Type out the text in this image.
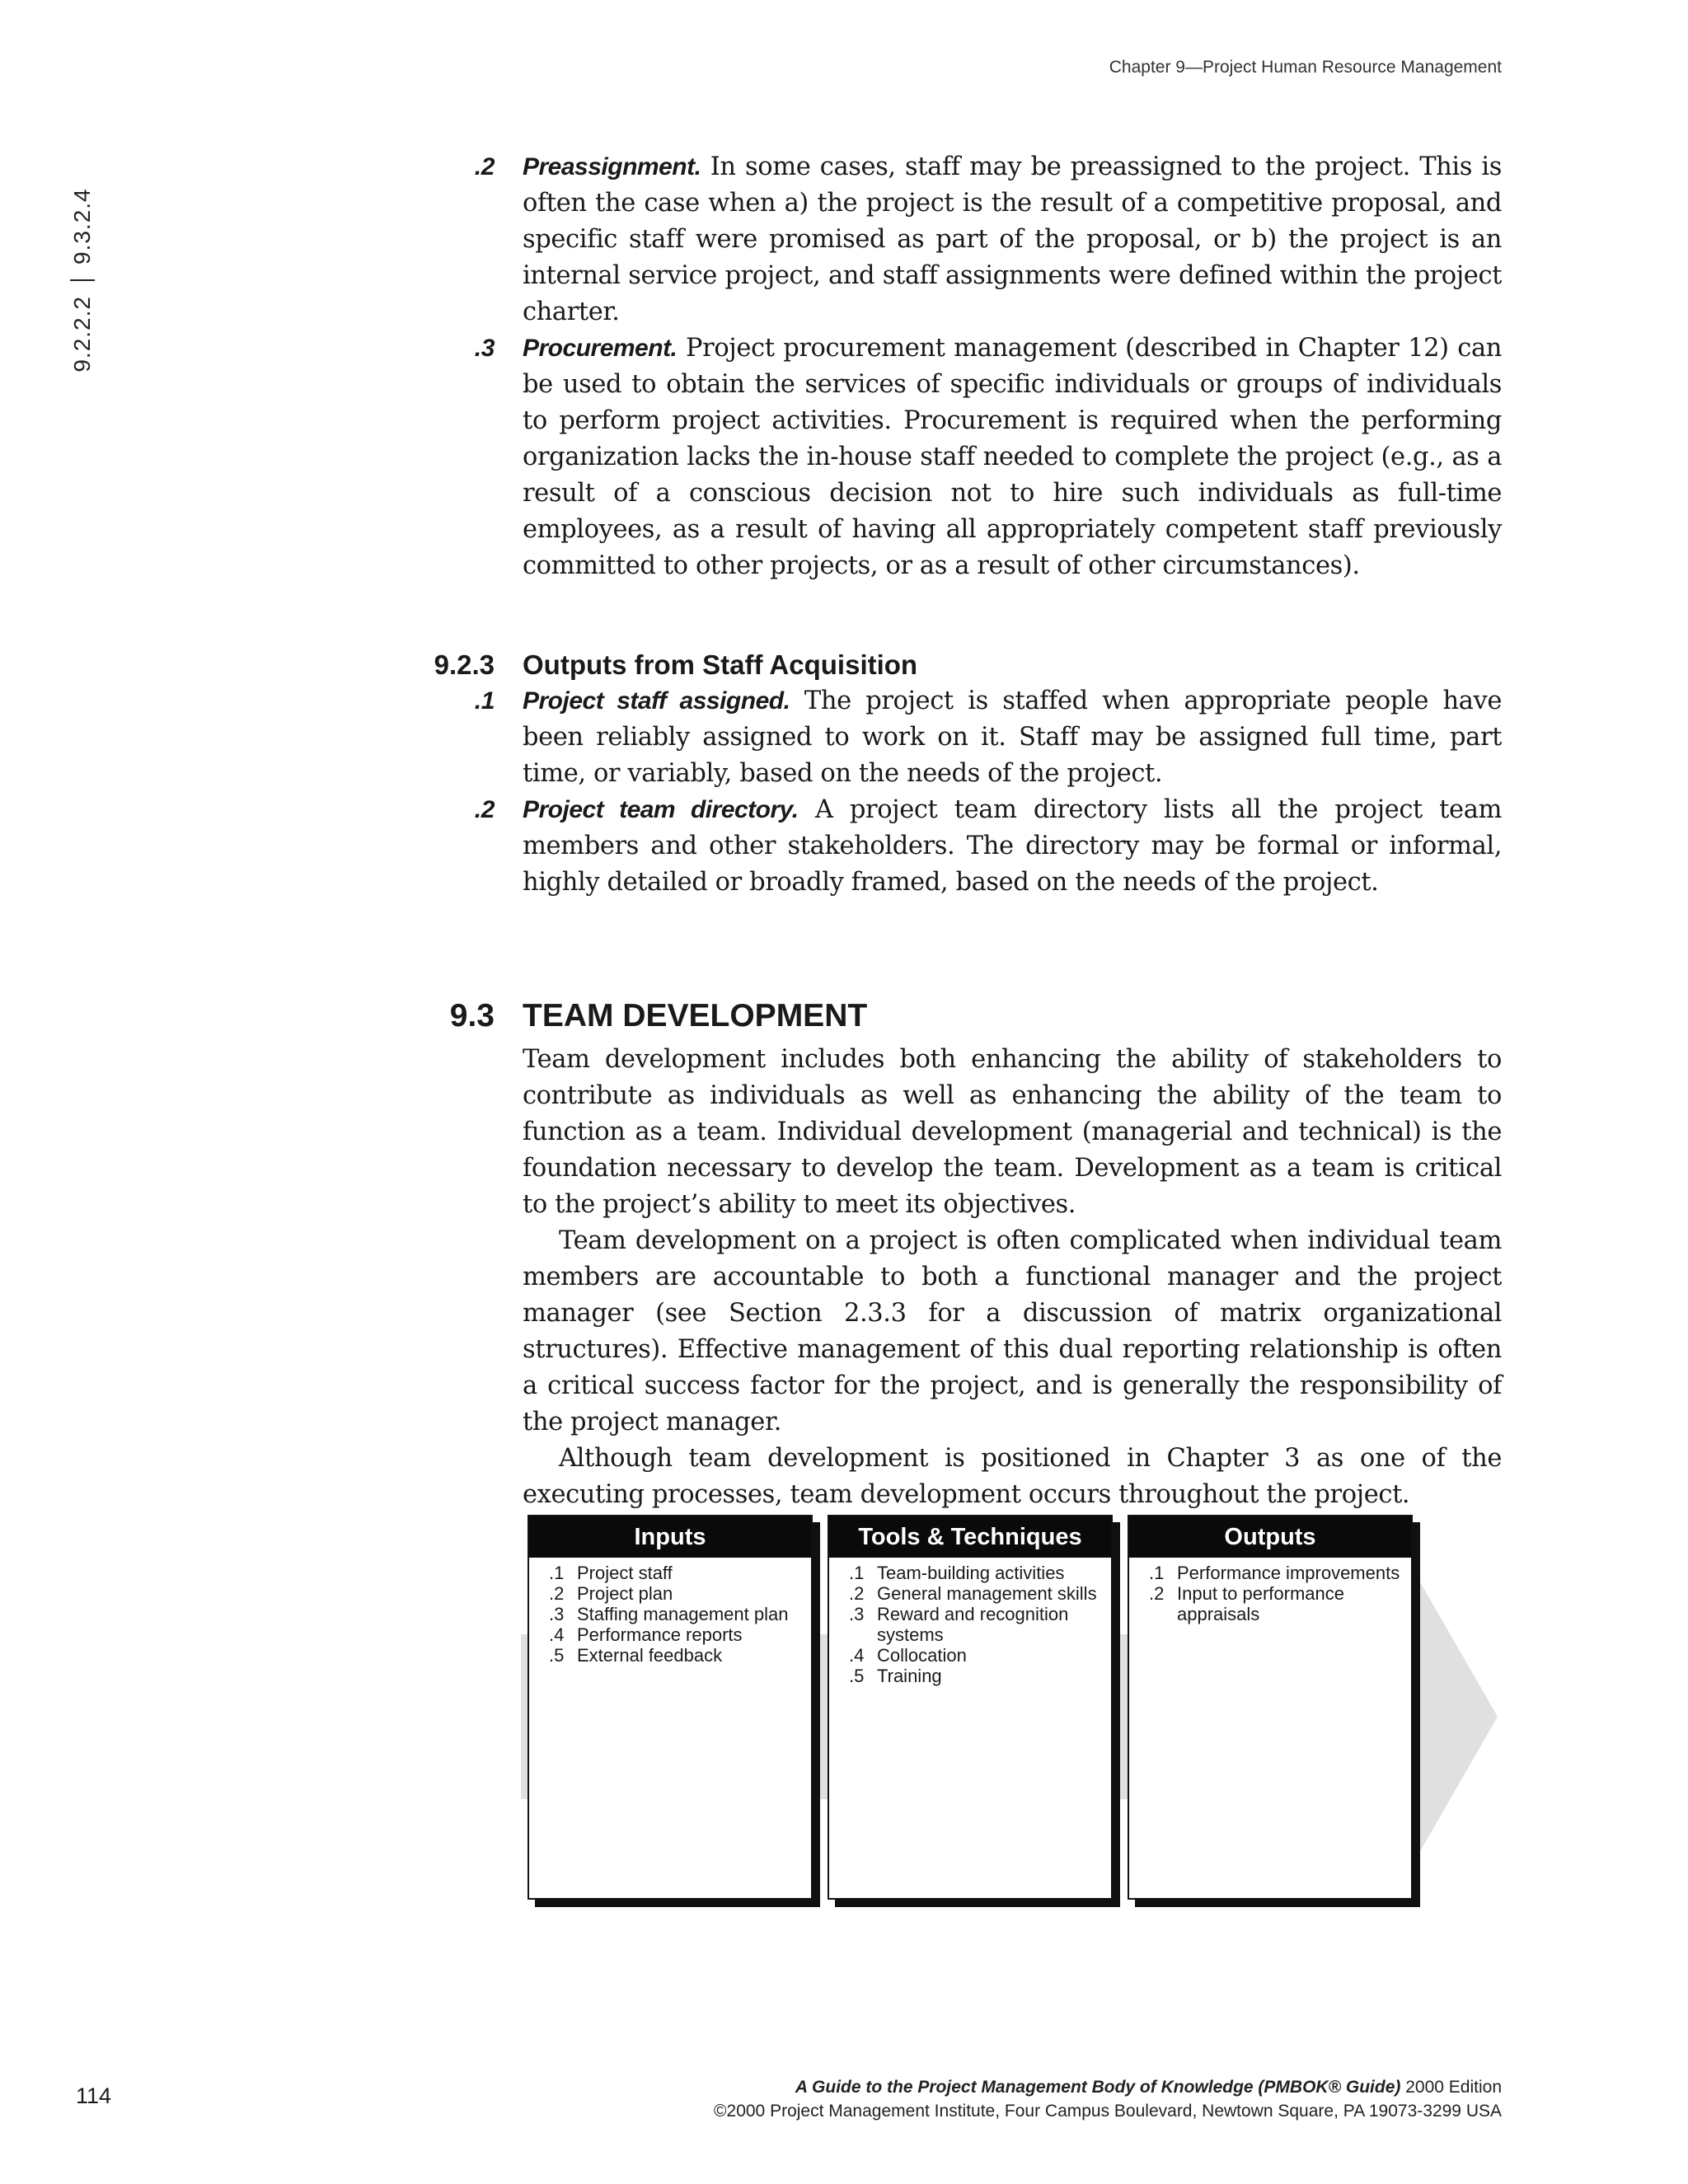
Chapter 9—Project Human Resource Management
9.2.2.2
9.3.2.4
.2 Preassignment. In some cases, staff may be preassigned to the project. This is often the case when a) the project is the result of a competitive proposal, and specific staff were promised as part of the proposal, or b) the project is an internal service project, and staff assignments were defined within the project charter.
.3 Procurement. Project procurement management (described in Chapter 12) can be used to obtain the services of specific individuals or groups of individuals to perform project activities. Procurement is required when the performing organization lacks the in-house staff needed to complete the project (e.g., as a result of a conscious decision not to hire such individuals as full-time employees, as a result of having all appropriately competent staff previously committed to other projects, or as a result of other circumstances).
9.2.3 Outputs from Staff Acquisition
.1 Project staff assigned. The project is staffed when appropriate people have been reliably assigned to work on it. Staff may be assigned full time, part time, or variably, based on the needs of the project.
.2 Project team directory. A project team directory lists all the project team members and other stakeholders. The directory may be formal or informal, highly detailed or broadly framed, based on the needs of the project.
9.3 TEAM DEVELOPMENT

Team development includes both enhancing the ability of stakeholders to contribute as individuals as well as enhancing the ability of the team to function as a team. Individual development (managerial and technical) is the foundation necessary to develop the team. Development as a team is critical to the project’s ability to meet its objectives.

Team development on a project is often complicated when individual team members are accountable to both a functional manager and the project manager (see Section 2.3.3 for a discussion of matrix organizational structures). Effective management of this dual reporting relationship is often a critical success factor for the project, and is generally the responsibility of the project manager.

Although team development is positioned in Chapter 3 as one of the executing processes, team development occurs throughout the project.

Inputs
.1 Project staff
.2 Project plan
.3 Staffing management plan
.4 Performance reports
.5 External feedback
Tools & Techniques
.1 Team-building activities
.2 General management skills
.3 Reward and recognition systems
.4 Collocation
.5 Training
Outputs
.1 Performance improvements
.2 Input to performance appraisals
114	A Guide to the Project Management Body of Knowledge (PMBOK® Guide) 2000 Edition
©2000 Project Management Institute, Four Campus Boulevard, Newtown Square, PA 19073-3299 USA
